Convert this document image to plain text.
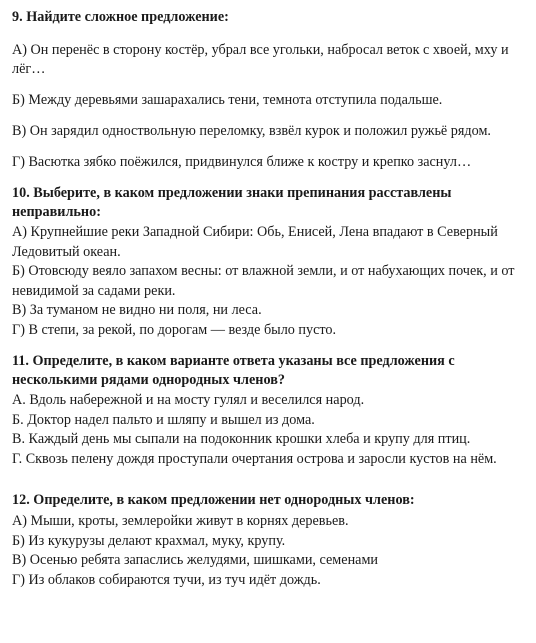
9. Найдите сложное предложение:

А) Он перенёс в сторону костёр, убрал все угольки, набросал веток с хвоей, мху и лёг…

Б) Между деревьями зашарахались тени, темнота отступила подальше.

В) Он зарядил одноствольную переломку, взвёл курок и положил ружьё рядом.

Г) Васютка зябко поёжился, придвинулся ближе к костру и крепко заснул…

10. Выберите, в каком предложении знаки препинания расставлены неправильно:

А) Крупнейшие реки Западной Сибири: Обь, Енисей, Лена впадают в Северный Ледовитый океан.

Б) Отовсюду веяло запахом весны: от влажной земли, и от набухающих почек, и от невидимой за садами реки.

В) За туманом не видно ни поля, ни леса.

Г) В степи, за рекой, по дорогам — везде было пусто.

11. Определите, в каком варианте ответа указаны все предложения с несколькими рядами однородных членов?

А. Вдоль набережной и на мосту гулял и веселился народ.

Б. Доктор надел пальто и шляпу и вышел из дома.

В. Каждый день мы сыпали на подоконник крошки хлеба и крупу для птиц.

Г. Сквозь пелену дождя проступали очертания острова и заросли кустов на нём.

12. Определите, в каком предложении нет однородных членов:

А) Мыши, кроты, землеройки живут в корнях деревьев.

Б) Из кукурузы делают крахмал, муку, крупу.

В) Осенью ребята запаслись желудями, шишками, семенами

Г) Из облаков собираются тучи, из туч идёт дождь.
